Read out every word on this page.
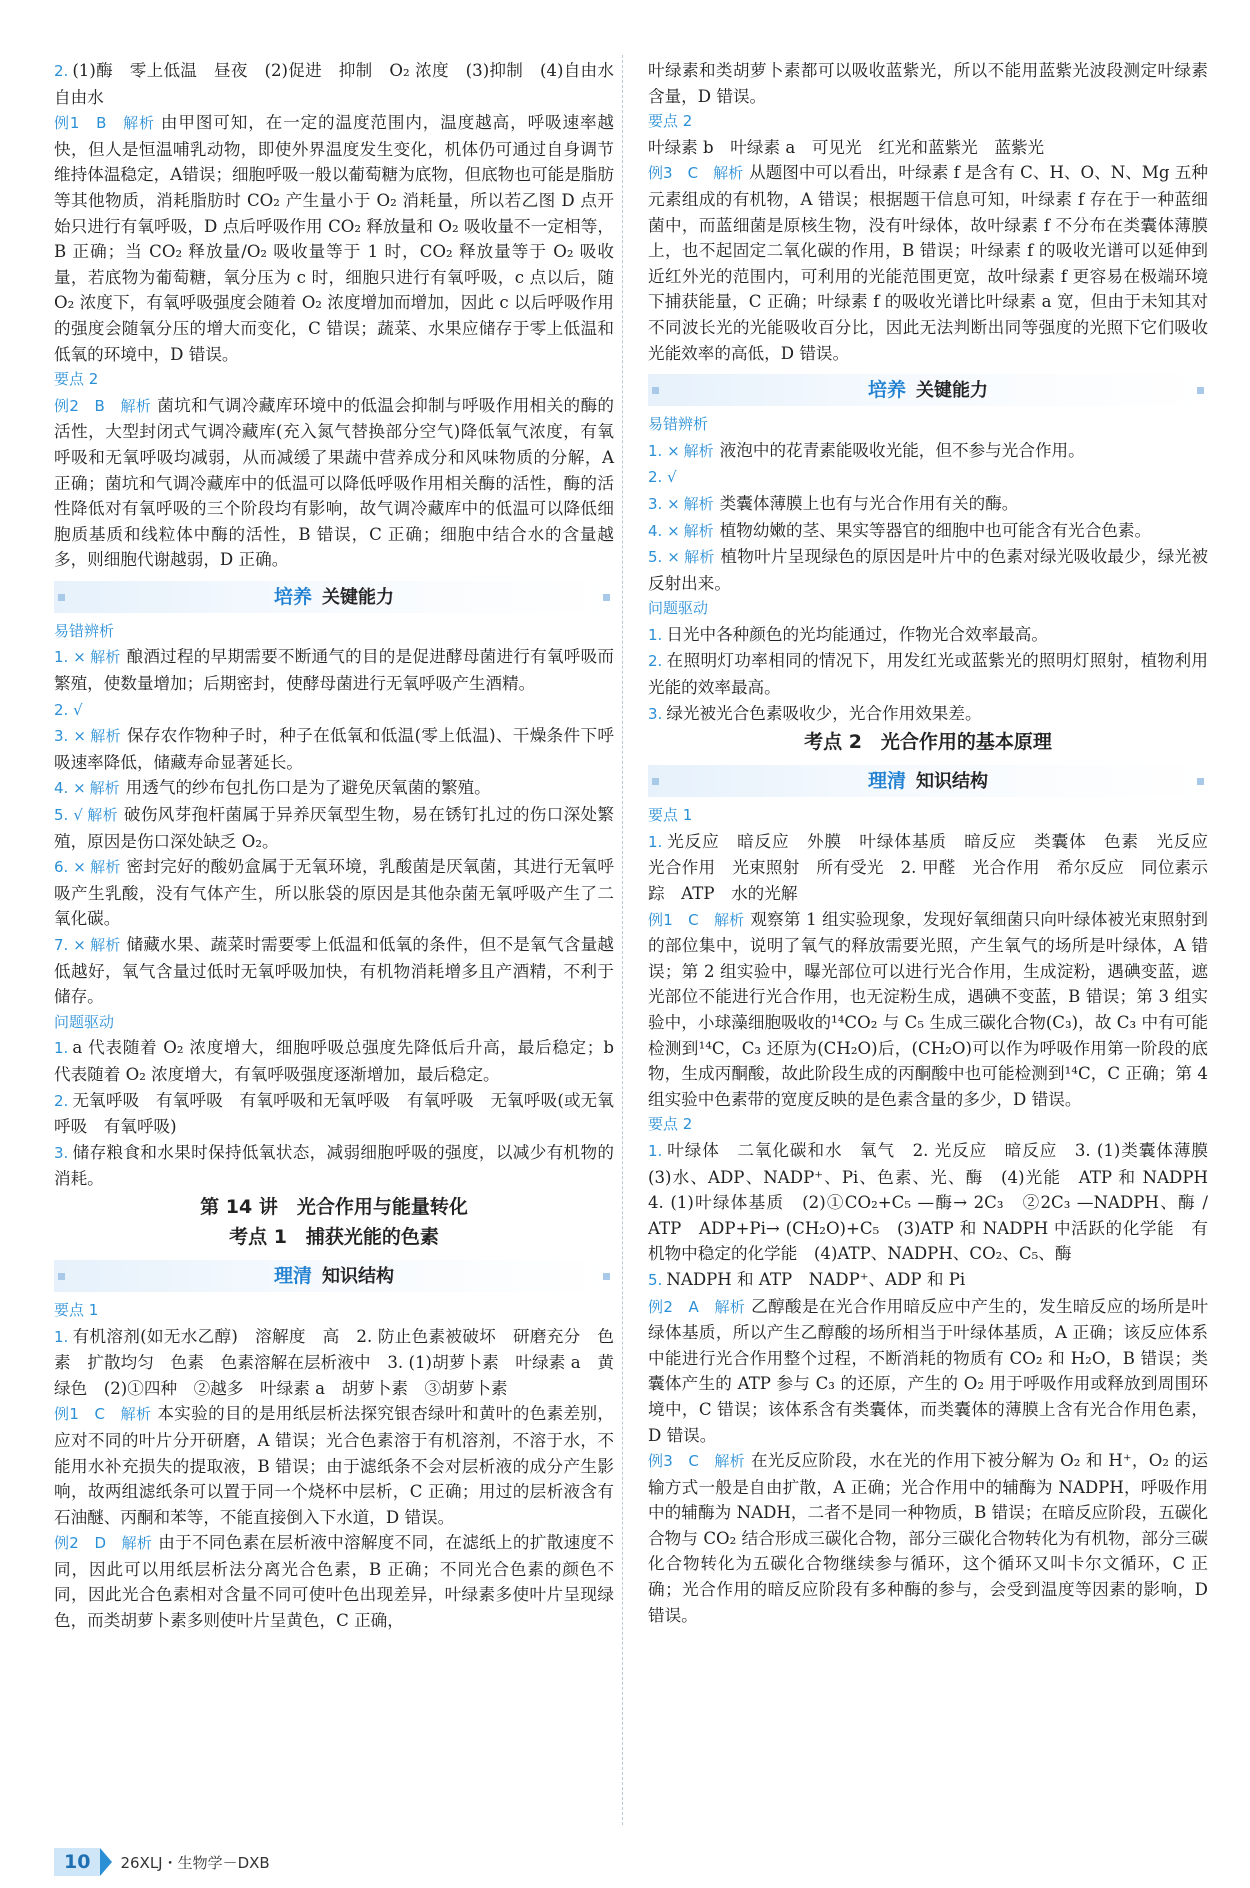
2. (1)酶　零上低温　昼夜　(2)促进　抑制　O₂ 浓度　(3)抑制　(4)自由水　自由水

例1　B　解析 由甲图可知，在一定的温度范围内，温度越高，呼吸速率越快，但人是恒温哺乳动物，即使外界温度发生变化，机体仍可通过自身调节维持体温稳定，A错误；细胞呼吸一般以葡萄糖为底物，但底物也可能是脂肪等其他物质，消耗脂肪时 CO₂ 产生量小于 O₂ 消耗量，所以若乙图 D 点开始只进行有氧呼吸，D 点后呼吸作用 CO₂ 释放量和 O₂ 吸收量不一定相等，B 正确；当 CO₂ 释放量/O₂ 吸收量等于 1 时，CO₂ 释放量等于 O₂ 吸收量，若底物为葡萄糖，氧分压为 c 时，细胞只进行有氧呼吸，c 点以后，随 O₂ 浓度下，有氧呼吸强度会随着 O₂ 浓度增加而增加，因此 c 以后呼吸作用的强度会随氧分压的增大而变化，C 错误；蔬菜、水果应储存于零上低温和低氧的环境中，D 错误。

要点 2

例2　B　解析 菌坑和气调冷藏库环境中的低温会抑制与呼吸作用相关的酶的活性，大型封闭式气调冷藏库(充入氮气替换部分空气)降低氧气浓度，有氧呼吸和无氧呼吸均减弱，从而减缓了果蔬中营养成分和风味物质的分解，A 正确；菌坑和气调冷藏库中的低温可以降低呼吸作用相关酶的活性，酶的活性降低对有氧呼吸的三个阶段均有影响，故气调冷藏库中的低温可以降低细胞质基质和线粒体中酶的活性，B 错误，C 正确；细胞中结合水的含量越多，则细胞代谢越弱，D 正确。

培养 关键能力
易错辨析

1. × 解析 酿酒过程的早期需要不断通气的目的是促进酵母菌进行有氧呼吸而繁殖，使数量增加；后期密封，使酵母菌进行无氧呼吸产生酒精。

2. √

3. × 解析 保存农作物种子时，种子在低氧和低温(零上低温)、干燥条件下呼吸速率降低，储藏寿命显著延长。

4. × 解析 用透气的纱布包扎伤口是为了避免厌氧菌的繁殖。

5. √ 解析 破伤风芽孢杆菌属于异养厌氧型生物，易在锈钉扎过的伤口深处繁殖，原因是伤口深处缺乏 O₂。

6. × 解析 密封完好的酸奶盒属于无氧环境，乳酸菌是厌氧菌，其进行无氧呼吸产生乳酸，没有气体产生，所以胀袋的原因是其他杂菌无氧呼吸产生了二氧化碳。

7. × 解析 储藏水果、蔬菜时需要零上低温和低氧的条件，但不是氧气含量越低越好，氧气含量过低时无氧呼吸加快，有机物消耗增多且产酒精，不利于储存。

问题驱动

1. a 代表随着 O₂ 浓度增大，细胞呼吸总强度先降低后升高，最后稳定；b 代表随着 O₂ 浓度增大，有氧呼吸强度逐渐增加，最后稳定。

2. 无氧呼吸　有氧呼吸　有氧呼吸和无氧呼吸　有氧呼吸　无氧呼吸(或无氧呼吸　有氧呼吸)

3. 储存粮食和水果时保持低氧状态，减弱细胞呼吸的强度，以减少有机物的消耗。

第 14 讲　光合作用与能量转化
考点 1　捕获光能的色素
理清 知识结构
要点 1

1. 有机溶剂(如无水乙醇)　溶解度　高　2. 防止色素被破坏　研磨充分　色素　扩散均匀　色素　色素溶解在层析液中　3. (1)胡萝卜素　叶绿素 a　黄绿色　(2)①四种　②越多　叶绿素 a　胡萝卜素　③胡萝卜素

例1　C　解析 本实验的目的是用纸层析法探究银杏绿叶和黄叶的色素差别，应对不同的叶片分开研磨，A 错误；光合色素溶于有机溶剂，不溶于水，不能用水补充损失的提取液，B 错误；由于滤纸条不会对层析液的成分产生影响，故两组滤纸条可以置于同一个烧杯中层析，C 正确；用过的层析液含有石油醚、丙酮和苯等，不能直接倒入下水道，D 错误。

例2　D　解析 由于不同色素在层析液中溶解度不同，在滤纸上的扩散速度不同，因此可以用纸层析法分离光合色素，B 正确；不同光合色素的颜色不同，因此光合色素相对含量不同可使叶色出现差异，叶绿素多使叶片呈现绿色，而类胡萝卜素多则使叶片呈黄色，C 正确，

叶绿素和类胡萝卜素都可以吸收蓝紫光，所以不能用蓝紫光波段测定叶绿素含量，D 错误。

要点 2

叶绿素 b　叶绿素 a　可见光　红光和蓝紫光　蓝紫光

例3　C　解析 从题图中可以看出，叶绿素 f 是含有 C、H、O、N、Mg 五种元素组成的有机物，A 错误；根据题干信息可知，叶绿素 f 存在于一种蓝细菌中，而蓝细菌是原核生物，没有叶绿体，故叶绿素 f 不分布在类囊体薄膜上，也不起固定二氧化碳的作用，B 错误；叶绿素 f 的吸收光谱可以延伸到近红外光的范围内，可利用的光能范围更宽，故叶绿素 f 更容易在极端环境下捕获能量，C 正确；叶绿素 f 的吸收光谱比叶绿素 a 宽，但由于未知其对不同波长光的光能吸收百分比，因此无法判断出同等强度的光照下它们吸收光能效率的高低，D 错误。

培养 关键能力
易错辨析

1. × 解析 液泡中的花青素能吸收光能，但不参与光合作用。

2. √

3. × 解析 类囊体薄膜上也有与光合作用有关的酶。

4. × 解析 植物幼嫩的茎、果实等器官的细胞中也可能含有光合色素。

5. × 解析 植物叶片呈现绿色的原因是叶片中的色素对绿光吸收最少，绿光被反射出来。

问题驱动

1. 日光中各种颜色的光均能通过，作物光合效率最高。

2. 在照明灯功率相同的情况下，用发红光或蓝紫光的照明灯照射，植物利用光能的效率最高。

3. 绿光被光合色素吸收少，光合作用效果差。

考点 2　光合作用的基本原理
理清 知识结构
要点 1

1. 光反应　暗反应　外膜　叶绿体基质　暗反应　类囊体　色素　光反应　光合作用　光束照射　所有受光　2. 甲醛　光合作用　希尔反应　同位素示踪　ATP　水的光解

例1　C　解析 观察第 1 组实验现象，发现好氧细菌只向叶绿体被光束照射到的部位集中，说明了氧气的释放需要光照，产生氧气的场所是叶绿体，A 错误；第 2 组实验中，曝光部位可以进行光合作用，生成淀粉，遇碘变蓝，遮光部位不能进行光合作用，也无淀粉生成，遇碘不变蓝，B 错误；第 3 组实验中，小球藻细胞吸收的¹⁴CO₂ 与 C₅ 生成三碳化合物(C₃)，故 C₃ 中有可能检测到¹⁴C，C₃ 还原为(CH₂O)后，(CH₂O)可以作为呼吸作用第一阶段的底物，生成丙酮酸，故此阶段生成的丙酮酸中也可能检测到¹⁴C，C 正确；第 4 组实验中色素带的宽度反映的是色素含量的多少，D 错误。

要点 2

1. 叶绿体　二氧化碳和水　氧气　2. 光反应　暗反应　3. (1)类囊体薄膜　(3)水、ADP、NADP⁺、Pi、色素、光、酶　(4)光能　ATP 和 NADPH　4. (1)叶绿体基质　(2)①CO₂+C₅ —酶→ 2C₃　②2C₃ —NADPH、酶 / ATP　ADP+Pi→ (CH₂O)+C₅　(3)ATP 和 NADPH 中活跃的化学能　有机物中稳定的化学能　(4)ATP、NADPH、CO₂、C₅、酶

5. NADPH 和 ATP　NADP⁺、ADP 和 Pi

例2　A　解析 乙醇酸是在光合作用暗反应中产生的，发生暗反应的场所是叶绿体基质，所以产生乙醇酸的场所相当于叶绿体基质，A 正确；该反应体系中能进行光合作用整个过程，不断消耗的物质有 CO₂ 和 H₂O，B 错误；类囊体产生的 ATP 参与 C₃ 的还原，产生的 O₂ 用于呼吸作用或释放到周围环境中，C 错误；该体系含有类囊体，而类囊体的薄膜上含有光合作用色素，D 错误。

例3　C　解析 在光反应阶段，水在光的作用下被分解为 O₂ 和 H⁺，O₂ 的运输方式一般是自由扩散，A 正确；光合作用中的辅酶为 NADPH，呼吸作用中的辅酶为 NADH，二者不是同一种物质，B 错误；在暗反应阶段，五碳化合物与 CO₂ 结合形成三碳化合物，部分三碳化合物转化为有机物，部分三碳化合物转化为五碳化合物继续参与循环，这个循环又叫卡尔文循环，C 正确；光合作用的暗反应阶段有多种酶的参与，会受到温度等因素的影响，D 错误。

10 26XLJ・生物学－DXB
